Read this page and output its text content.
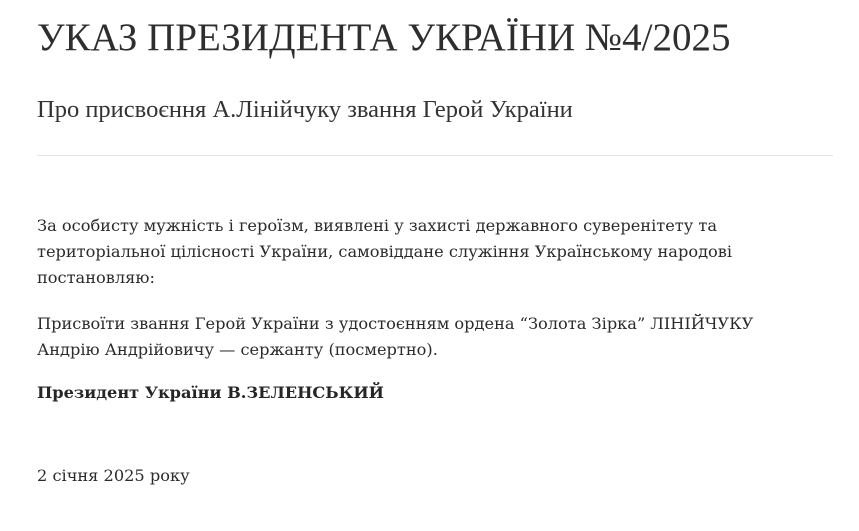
УКАЗ ПРЕЗИДЕНТА УКРАЇНИ №4/2025
Про присвоєння А.Лінійчуку звання Герой України

За особисту мужність і героїзм, виявлені у захисті державного суверенітету та територіальної цілісності України, самовіддане служіння Українському народові постановляю:

Присвоїти звання Герой України з удостоєнням ордена “Золота Зірка” ЛІНІЙЧУКУ Андрію Андрійовичу — сержанту (посмертно).

Президент України В.ЗЕЛЕНСЬКИЙ

2 січня 2025 року
